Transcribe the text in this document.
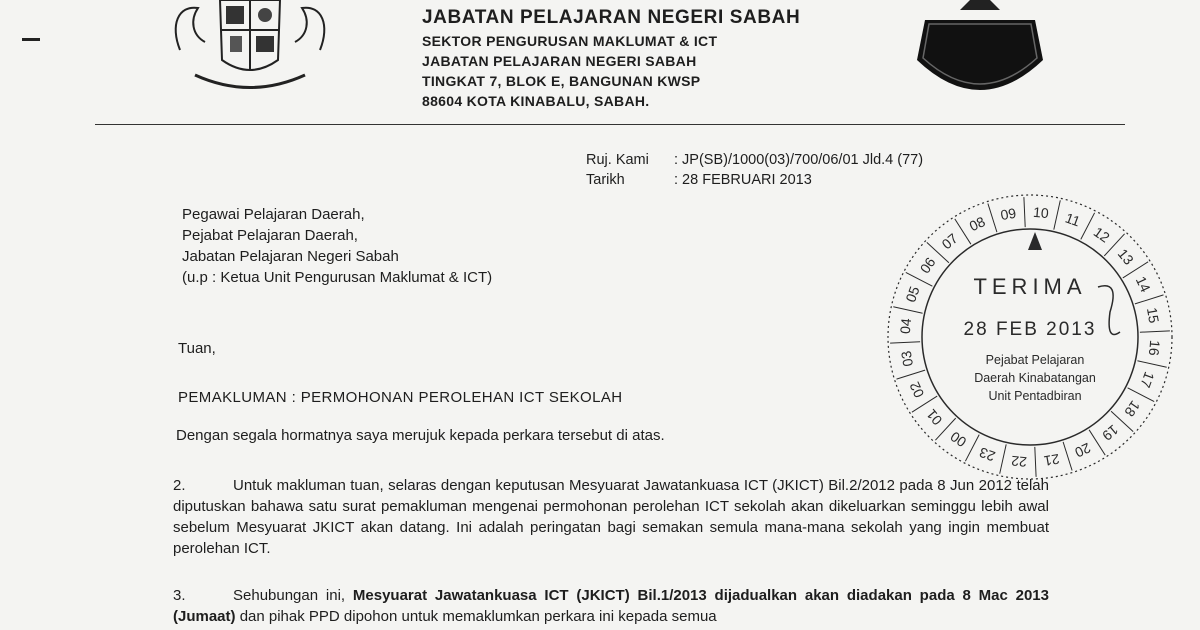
JABATAN PELAJARAN NEGERI SABAH
SEKTOR PENGURUSAN MAKLUMAT & ICT
JABATAN PELAJARAN NEGERI SABAH
TINGKAT 7, BLOK E, BANGUNAN KWSP
88604 KOTA KINABALU, SABAH.
Ruj. Kami : JP(SB)/1000(03)/700/06/01 Jld.4 (77)
Tarikh	: 28 FEBRUARI 2013
Pegawai Pelajaran Daerah,
Pejabat Pelajaran Daerah,
Jabatan Pelajaran Negeri Sabah
(u.p : Ketua Unit Pengurusan Maklumat & ICT)
Tuan,
PEMAKLUMAN : PERMOHONAN PEROLEHAN ICT SEKOLAH
Dengan segala hormatnya saya merujuk kepada perkara tersebut di atas.
2.	Untuk makluman tuan, selaras dengan keputusan Mesyuarat Jawatankuasa ICT (JKICT) Bil.2/2012 pada 8 Jun 2012 telah diputuskan bahawa satu surat pemakluman mengenai permohonan perolehan ICT sekolah akan dikeluarkan seminggu lebih awal sebelum Mesyuarat JKICT akan datang. Ini adalah peringatan bagi semakan semula mana-mana sekolah yang ingin membuat perolehan ICT.
3.	Sehubungan ini, Mesyuarat Jawatankuasa ICT (JKICT) Bil.1/2013 dijadualkan akan diadakan pada 8 Mac 2013 (Jumaat) dan pihak PPD dipohon untuk memaklumkan perkara ini kepada semua
09 10 11
12
13
14
15
16
17
18
19
20
21
22
23
00
01
02
03
04
05
06
07
08
TERIMA
28 FEB 2013
Pejabat Pelajaran
Daerah Kinabatangan
Unit Pentadbiran
